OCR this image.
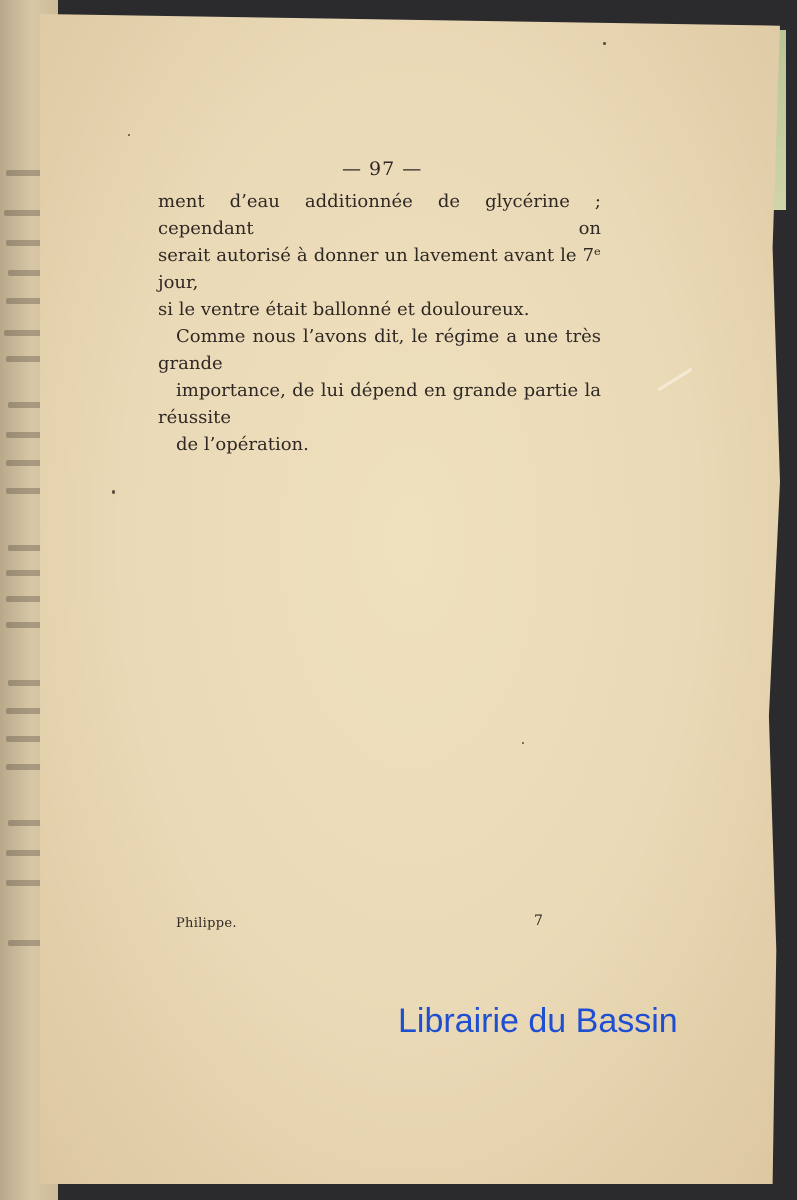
— 97 —

ment d’eau additionnée de glycérine ; cependant on
serait autorisé à donner un lavement avant le 7ᵉ jour,
si le ventre était ballonné et douloureux.

Comme nous l’avons dit, le régime a une très grande
importance, de lui dépend en grande partie la réussite
de l’opération.

Philippe.	7
Librairie du Bassin
